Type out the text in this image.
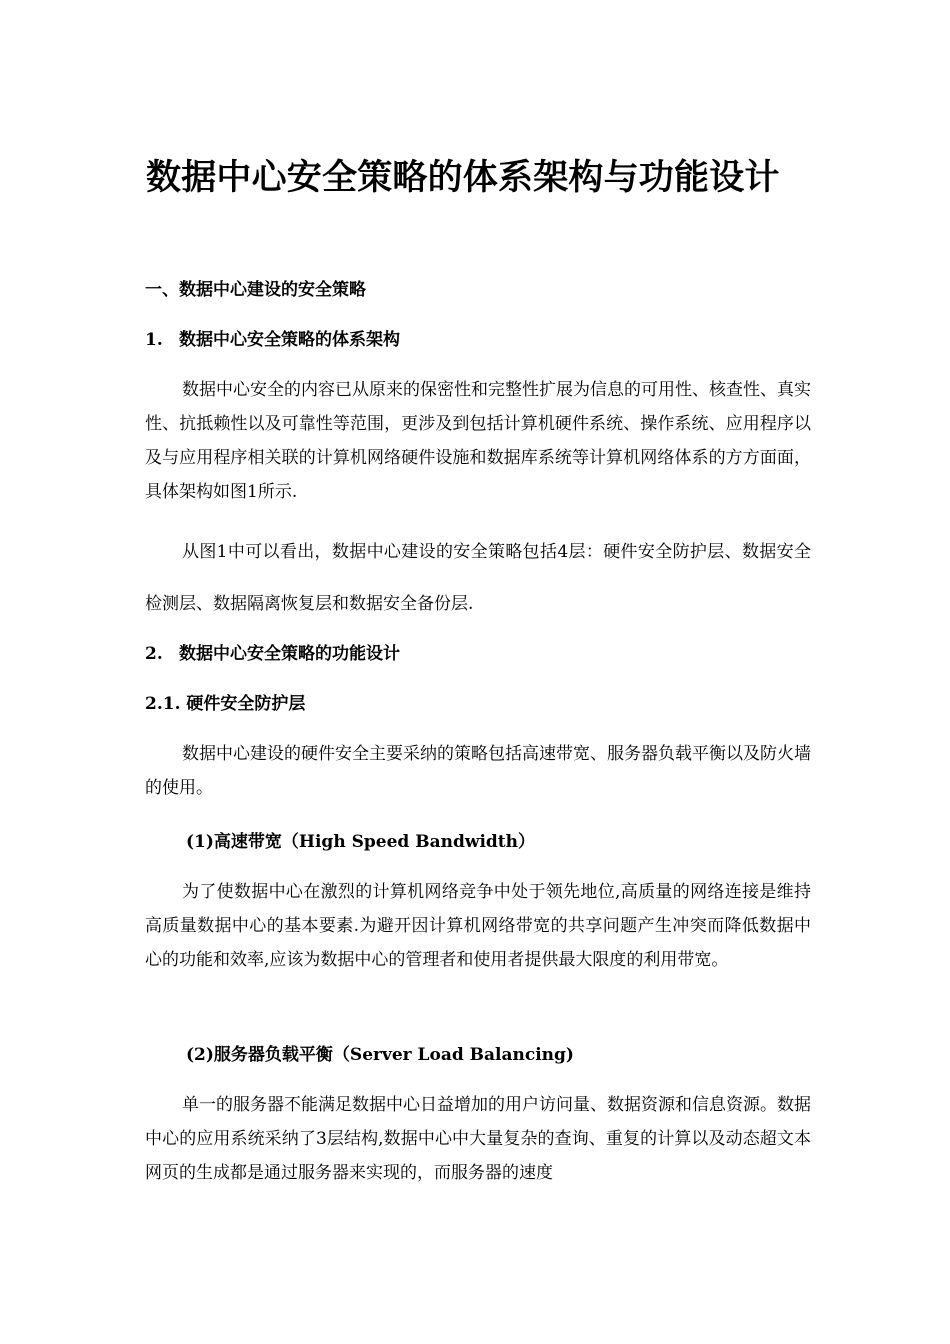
数据中心安全策略的体系架构与功能设计
一、数据中心建设的安全策略
1. 数据中心安全策略的体系架构

数据中心安全的内容已从原来的保密性和完整性扩展为信息的可用性、核查性、真实性、抗抵赖性以及可靠性等范围，更涉及到包括计算机硬件系统、操作系统、应用程序以及与应用程序相关联的计算机网络硬件设施和数据库系统等计算机网络体系的方方面面，具体架构如图1所示.

从图1中可以看出，数据中心建设的安全策略包括4层：硬件安全防护层、数据安全检测层、数据隔离恢复层和数据安全备份层.

2. 数据中心安全策略的功能设计
2.1. 硬件安全防护层

数据中心建设的硬件安全主要采纳的策略包括高速带宽、服务器负载平衡以及防火墙的使用。

(1)高速带宽（High Speed Bandwidth）

为了使数据中心在激烈的计算机网络竞争中处于领先地位,高质量的网络连接是维持高质量数据中心的基本要素.为避开因计算机网络带宽的共享问题产生冲突而降低数据中心的功能和效率,应该为数据中心的管理者和使用者提供最大限度的利用带宽。

(2)服务器负载平衡（Server Load Balancing)

单一的服务器不能满足数据中心日益增加的用户访问量、数据资源和信息资源。数据中心的应用系统采纳了3层结构,数据中心中大量复杂的查询、重复的计算以及动态超文本网页的生成都是通过服务器来实现的，而服务器的速度
